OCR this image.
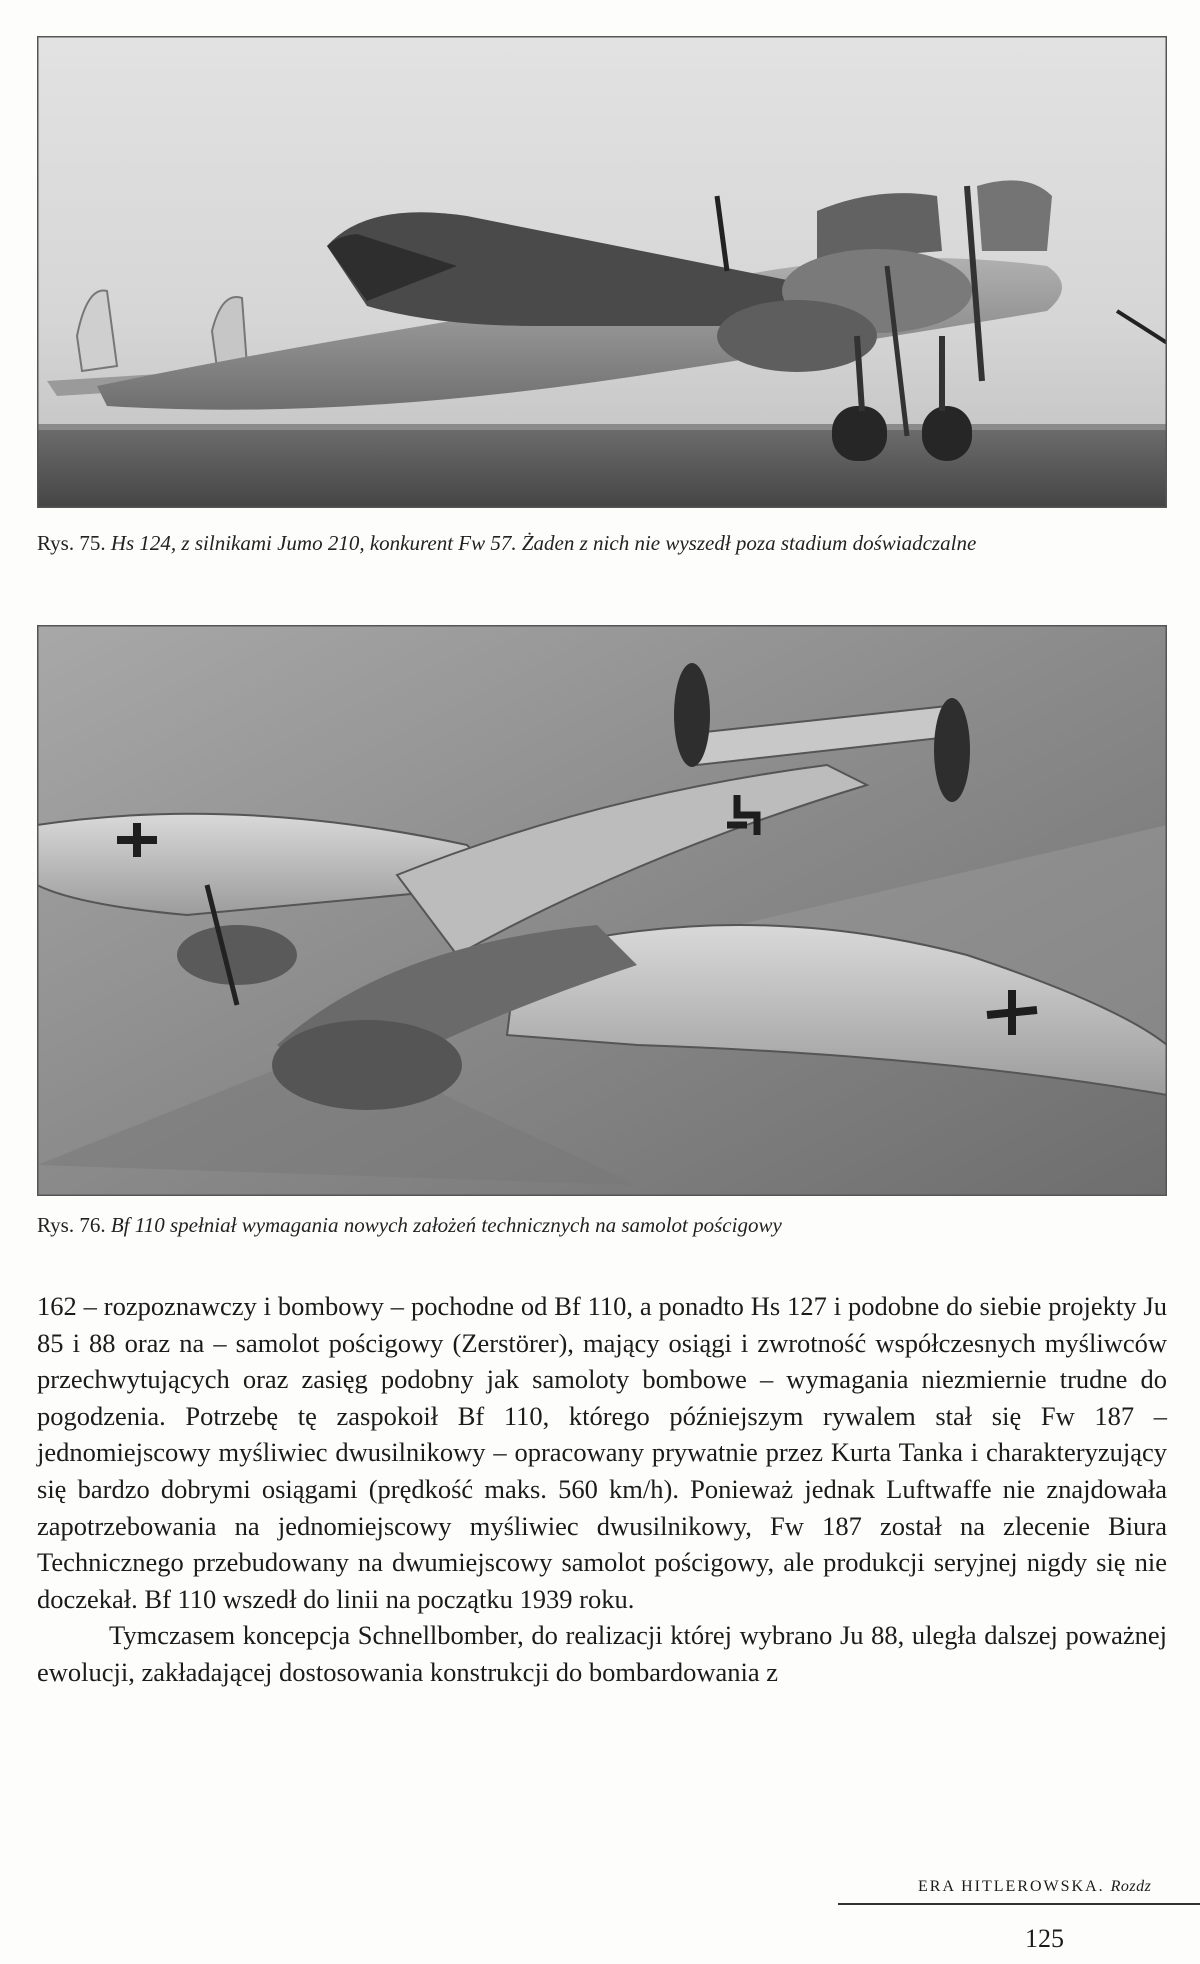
Rys. 75. Hs 124, z silnikami Jumo 210, konkurent Fw 57. Żaden z nich nie wyszedł poza stadium doświadczalne
Rys. 76. Bf 110 spełniał wymagania nowych założeń technicznych na samolot pościgowy

162 – rozpoznawczy i bombowy – pochodne od Bf 110, a ponadto Hs 127 i podobne do siebie projekty Ju 85 i 88 oraz na – samolot pościgowy (Zerstörer), mający osiągi i zwrotność współczesnych myśliwców przechwytujących oraz zasięg podobny jak samoloty bombowe – wymagania niezmiernie trudne do pogodzenia. Potrzebę tę zaspokoił Bf 110, którego późniejszym rywalem stał się Fw 187 – jednomiejscowy myśliwiec dwusilnikowy – opracowany prywatnie przez Kurta Tanka i charakteryzujący się bardzo dobrymi osiągami (prędkość maks. 560 km/h). Ponieważ jednak Luftwaffe nie znajdowała zapotrzebowania na jednomiejscowy myśliwiec dwusilnikowy, Fw 187 został na zlecenie Biura Technicznego przebudowany na dwumiejscowy samolot pościgowy, ale produkcji seryjnej nigdy się nie doczekał. Bf 110 wszedł do linii na początku 1939 roku.

Tymczasem koncepcja Schnellbomber, do realizacji której wybrano Ju 88, uległa dalszej poważnej ewolucji, zakładającej dostosowania konstrukcji do bombardowania z

ERA HITLEROWSKA. Rozdz
125
